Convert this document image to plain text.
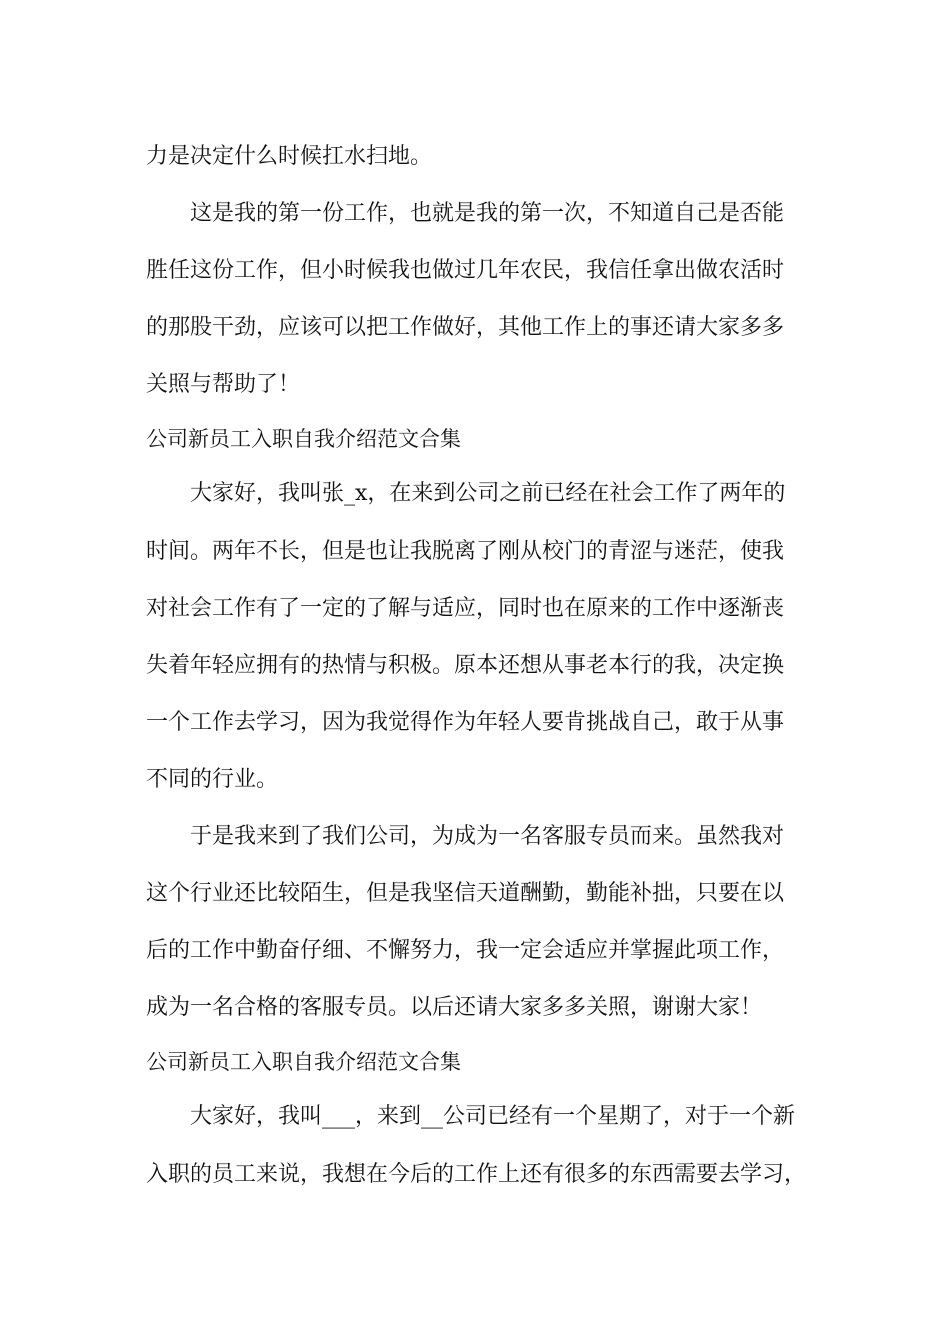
力是决定什么时候扛水扫地。
这是我的第一份工作，也就是我的第一次，不知道自己是否能
胜任这份工作，但小时候我也做过几年农民，我信任拿出做农活时
的那股干劲，应该可以把工作做好，其他工作上的事还请大家多多
关照与帮助了！
公司新员工入职自我介绍范文合集
大家好，我叫张_x，在来到公司之前已经在社会工作了两年的
时间。两年不长，但是也让我脱离了刚从校门的青涩与迷茫，使我
对社会工作有了一定的了解与适应，同时也在原来的工作中逐渐丧
失着年轻应拥有的热情与积极。原本还想从事老本行的我，决定换
一个工作去学习，因为我觉得作为年轻人要肯挑战自己，敢于从事
不同的行业。
于是我来到了我们公司，为成为一名客服专员而来。虽然我对
这个行业还比较陌生，但是我坚信天道酬勤，勤能补拙，只要在以
后的工作中勤奋仔细、不懈努力，我一定会适应并掌握此项工作，
成为一名合格的客服专员。以后还请大家多多关照，谢谢大家！
公司新员工入职自我介绍范文合集
大家好，我叫___，来到__公司已经有一个星期了，对于一个新
入职的员工来说，我想在今后的工作上还有很多的东西需要去学习，
